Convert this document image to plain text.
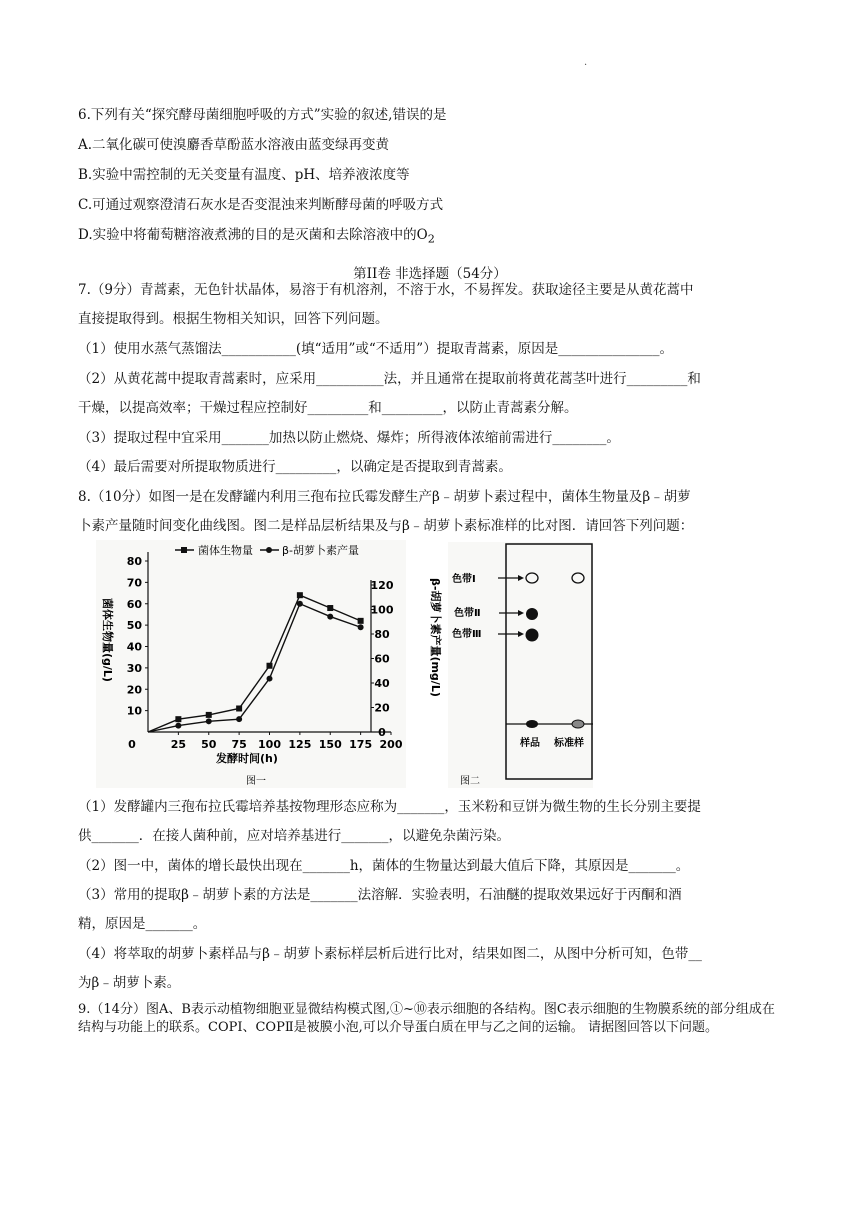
·
6.下列有关“探究酵母菌细胞呼吸的方式”实验的叙述,错误的是
A.二氧化碳可使溴麝香草酚蓝水溶液由蓝变绿再变黄
B.实验中需控制的无关变量有温度、pH、培养液浓度等
C.可通过观察澄清石灰水是否变混浊来判断酵母菌的呼吸方式
D.实验中将葡萄糖溶液煮沸的目的是灭菌和去除溶液中的$O_2$
第II卷 非选择题（54分）
7.（9分）青蒿素，无色针状晶体，易溶于有机溶剂，不溶于水，不易挥发。获取途径主要是从黄花蒿中
直接提取得到。根据生物相关知识，回答下列问题。
（1）使用水蒸气蒸馏法___________(填“适用”或“不适用”）提取青蒿素，原因是_______________。
（2）从黄花蒿中提取青蒿素时，应采用__________法，并且通常在提取前将黄花蒿茎叶进行_________和
干燥，以提高效率；干燥过程应控制好_________和_________，以防止青蒿素分解。
（3）提取过程中宜采用_______加热以防止燃烧、爆炸；所得液体浓缩前需进行________。
（4）最后需要对所提取物质进行_________，以确定是否提取到青蒿素。
8.（10分）如图一是在发酵罐内利用三孢布拉氏霉发酵生产β﹣胡萝卜素过程中，菌体生物量及β﹣胡萝
卜素产量随时间变化曲线图。图二是样品层析结果及与β﹣胡萝卜素标准样的比对图．请回答下列问题：
菌体生物量	β-胡萝卜素产量
0	25 50 75 100 125 150 175 200
10
20
30
40
50
60
70
80
0
20
40
60
80
100
120
菌体生物量(g/L)	β-胡萝卜素产量(mg/L)
发酵时间(h)
图一
色带Ⅰ
色带Ⅱ
色带Ⅲ
样品 标准样
图二
（1）发酵罐内三孢布拉氏霉培养基按物理形态应称为_______，玉米粉和豆饼为微生物的生长分别主要提
供_______．在接人菌种前，应对培养基进行_______，以避免杂菌污染。
（2）图一中，菌体的增长最快出现在_______h，菌体的生物量达到最大值后下降，其原因是_______。
（3）常用的提取β﹣胡萝卜素的方法是_______法溶解．实验表明，石油醚的提取效果远好于丙酮和酒
精，原因是_______。
（4）将萃取的胡萝卜素样品与β﹣胡萝卜素标样层析后进行比对，结果如图二，从图中分析可知，色带__
为β﹣胡萝卜素。
9.（14分）图A、B表示动植物细胞亚显微结构模式图,①~⑩表示细胞的各结构。图C表示细胞的生物膜系统的部分组成在结构与功能上的联系。COPⅠ、COPⅡ是被膜小泡,可以介导蛋白质在甲与乙之间的运输。 请据图回答以下问题。
